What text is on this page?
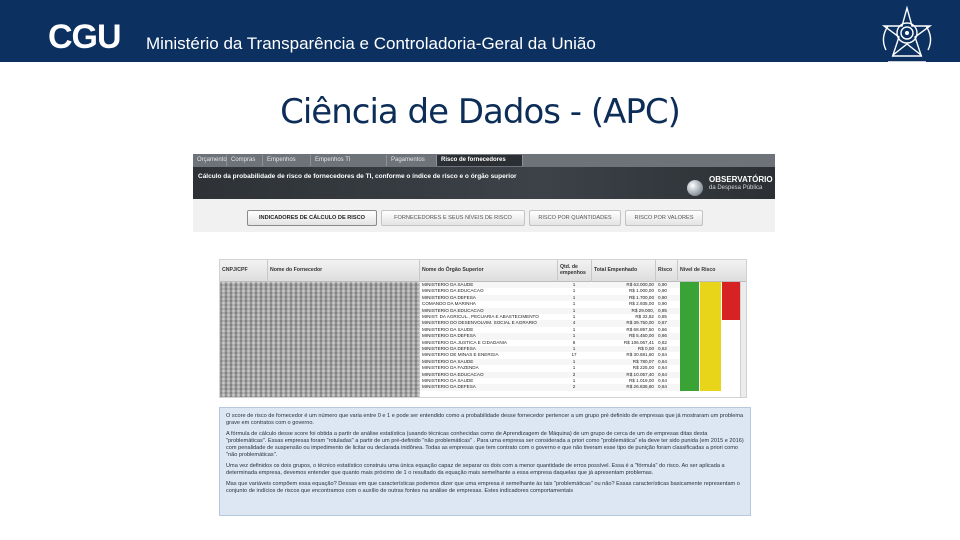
CGU Ministério da Transparência e Controladoria-Geral da União
Ciência de Dados - (APC)
Orçamento Compras	Empenhos	Empenhos TI	Pagamentos	Risco de fornecedores
Cálculo da probabilidade de risco de fornecedores de TI, conforme o índice de risco e o órgão superior	OBSERVATÓRIO
da Despesa Pública
INDICADORES DE CÁLCULO DE RISCO	FORNECEDORES E SEUS NÍVEIS DE RISCO	RISCO POR QUANTIDADES	RISCO POR VALORES
CNPJ/CPF	Nome do Fornecedor	Nome do Órgão Superior	Qtd. de empenhos	Total Empenhado	Risco	Nível de Risco
MINISTERIO DA SAUDE	1	R$ 63.000,00 0,90
MINISTERIO DA EDUCACAO	1	R$ 1.000,00 0,90
MINISTERIO DA DEFESA	1	R$ 1.700,00 0,90
COMANDO DA MARINHA	1	R$ 2.935,00 0,90
MINISTERIO DA EDUCACAO	1	R$ 29.000, 0,85
MINIST. DA AGRICUL., PECUARIA E ABASTECIMENTO	1	R$ 32,82 0,85
MINISTERIO DO DESENVOLVIM. SOCIAL E AGRARIO	4	R$ 39.750,00 0,67
MINISTERIO DA SAUDE	1	R$ 68.897,50 0,66
MINISTERIO DA DEFESA	1	R$ 5.450,00 0,66
MINISTERIO DA JUSTICA E CIDADANIA	6	R$ 106.067,41 0,62
MINISTERIO DA DEFESA	1	R$ 0,00 0,62
MINISTERIO DE MINAS E ENERGIA	17	R$ 30.681,60 0,64
MINISTERIO DA SAUDE	1	R$ 780,07 0,64
MINISTERIO DA FAZENDA	1	R$ 225,00 0,64
MINISTERIO DA EDUCACAO	2	R$ 10.057,40 0,64
MINISTERIO DA SAUDE	1	R$ 1.019,00 0,64
MINISTERIO DA DEFESA	2	R$ 26.836,80 0,64

O score de risco de fornecedor é um número que varia entre 0 e 1 e pode ser entendido como a probabilidade desse fornecedor pertencer a um grupo pré definido de empresas que já mostraram um problema grave em contratos com o governo.

A fórmula de cálculo desse score foi obtida a partir de análise estatística (usando técnicas conhecidas como de Aprendizagem de Máquina) de um grupo de cerca de um de empresas ditas desta "problemáticas". Essas empresas foram "rotuladas" a partir de um pré-definido "não problemáticas" . Para uma empresa ser considerada a priori como "problemática" ela deve ter sido punida (em 2015 e 2016) com penalidade de suspensão ou impedimento de licitar ou declarada inidônea. Todas as empresas que tem contrato com o governo e que não tiveram esse tipo de punição foram classificadas a priori como "não problemáticas".

Uma vez definidos os dois grupos, o técnico estatístico construiu uma única equação capaz de separar os dois com a menor quantidade de erros possível. Essa é a "fórmula" do risco. Ao ser aplicada a determinada empresa, devemos entender que quanto mais próximo de 1 o resultado da equação mais semelhante a essa empresa daquelas que já apresentam problemas.

Mas que variáveis compõem essa equação? Dessas em que características podemos dizer que uma empresa é semelhante às tais "problemáticas" ou não? Essas características basicamente representam o conjunto de indícios de riscos que encontramos com o auxílio de outras fontes na análise de empresas. Estes indicadores comportamentais
